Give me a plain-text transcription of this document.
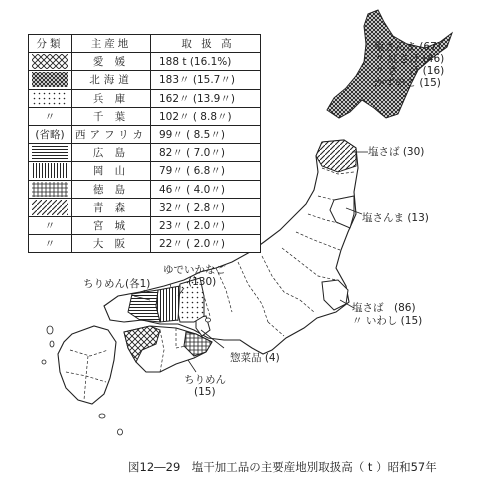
分類	主産地	取 扱 高

	愛 媛	188 t (16.1%)

	北海道	183〃 (15.7〃)

	兵 庫	162〃 (13.9〃)
〃	千 葉	102〃 ( 8.8〃)
(省略)	西アフリカ	99〃 ( 8.5〃)

	広 島	82〃 ( 7.0〃)

	岡 山	79〃 ( 6.8〃)

	徳 島	46〃 ( 4.0〃)

	青 森	32〃 ( 2.8〃)
〃	宮 城	23〃 ( 2.0〃)
〃	大 阪	22〃 ( 2.0〃)
塩さんま (67)
〃 紅さけ (46)
〃 さ　け (16)
かずのこ (15)
塩さば (30)
塩さんま (13)
塩さば　(86)
〃 いわし (15)
ゆでいかなご
(130)
ちりめん(各1)
惣菜品 (4)
ちりめん
(15)
図12―29　塩干加工品の主要産地別取扱高（ t ）昭和57年
